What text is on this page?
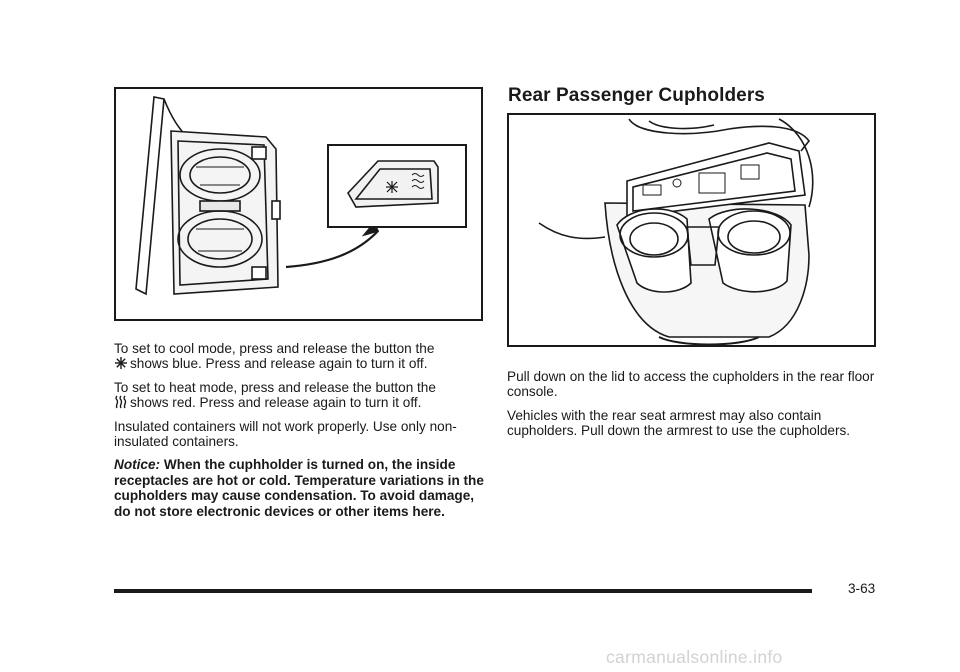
To set to cool mode, press and release the button the
shows blue. Press and release again to turn it off.

To set to heat mode, press and release the button the
shows red. Press and release again to turn it off.

Insulated containers will not work properly. Use only non-insulated containers.

Notice: When the cuphholder is turned on, the inside receptacles are hot or cold. Temperature variations in the cupholders may cause condensation. To avoid damage, do not store electronic devices or other items here.

Rear Passenger Cupholders

Pull down on the lid to access the cupholders in the rear floor console.

Vehicles with the rear seat armrest may also contain cupholders. Pull down the armrest to use the cupholders.

3-63
carmanualsonline.info
